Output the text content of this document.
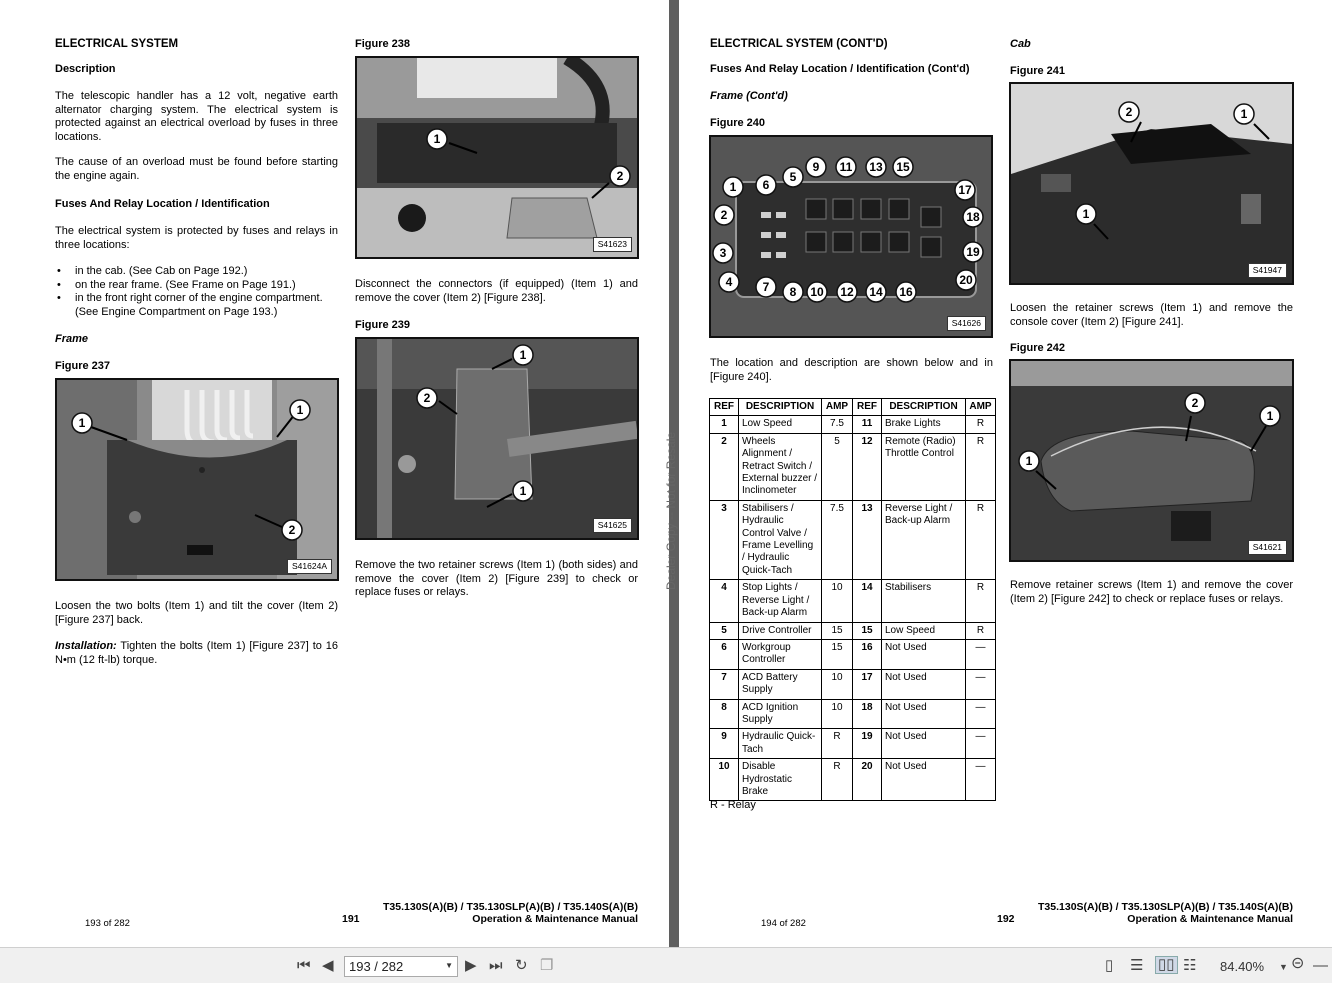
ELECTRICAL SYSTEM
Description
The telescopic handler has a 12 volt, negative earth alternator charging system. The electrical system is protected against an electrical overload by fuses in three locations.
The cause of an overload must be found before starting the engine again.
Fuses And Relay Location / Identification
The electrical system is protected by fuses and relays in three locations:
• in the cab. (See Cab on Page 192.)
• on the rear frame. (See Frame on Page 191.)
• in the front right corner of the engine compartment. (See Engine Compartment on Page 193.)
Frame
Figure 237
1
1
2
S41624A
Loosen the two bolts (Item 1) and tilt the cover (Item 2) [Figure 237] back.
Installation: Tighten the bolts (Item 1) [Figure 237] to 16 N•m (12 ft-lb) torque.
Figure 238
1
2
S41623
Disconnect the connectors (if equipped) (Item 1) and remove the cover (Item 2) [Figure 238].
Figure 239
2
1
1
S41625
Remove the two retainer screws (Item 1) (both sides) and remove the cover (Item 2) [Figure 239] to check or replace fuses or relays.
193 of 282	191
T35.130S(A)(B) / T35.130SLP(A)(B) / T35.140S(A)(B)
Operation & Maintenance Manual
Dealer Copy -- Not for Resale
ELECTRICAL SYSTEM (CONT'D)
Fuses And Relay Location / Identification (Cont'd)
Frame (Cont'd)
Figure 240
1
2
3
4
6
5
7 8
9
10
11 13 15
12 14 16
17
18
19
20
S41626
The location and description are shown below and in [Figure 240].
REF	DESCRIPTION	AMP	REF	DESCRIPTION	AMP
1	Low Speed	7.5	11	Brake Lights	R
2	Wheels Alignment / Retract Switch / External buzzer / Inclinometer	5	12	Remote (Radio) Throttle Control	R
3	Stabilisers / Hydraulic Control Valve / Frame Levelling / Hydraulic Quick-Tach	7.5	13	Reverse Light / Back-up Alarm	R
4	Stop Lights / Reverse Light / Back-up Alarm	10	14	Stabilisers	R
5	Drive Controller	15	15	Low Speed	R
6	Workgroup Controller	15	16	Not Used	—
7	ACD Battery Supply	10	17	Not Used	—
8	ACD Ignition Supply	10	18	Not Used	—
9	Hydraulic Quick-Tach	R	19	Not Used	—
10	Disable Hydrostatic Brake	R	20	Not Used	—
R - Relay
Cab
Figure 241
2	1
1
S41947
Loosen the retainer screws (Item 1) and remove the console cover (Item 2) [Figure 241].
Figure 242
2
1
1
S41621
Remove retainer screws (Item 1) and remove the cover (Item 2) [Figure 242] to check or replace fuses or relays.
194 of 282	192
T35.130S(A)(B) / T35.130SLP(A)(B) / T35.140S(A)(B)
Operation & Maintenance Manual
⏮ ◀	193 / 282	▼ ▶ ⏭ ↻ ❐	▯ ☰ ▯▯ ☷ 84.40% ▼ ⊝ —
